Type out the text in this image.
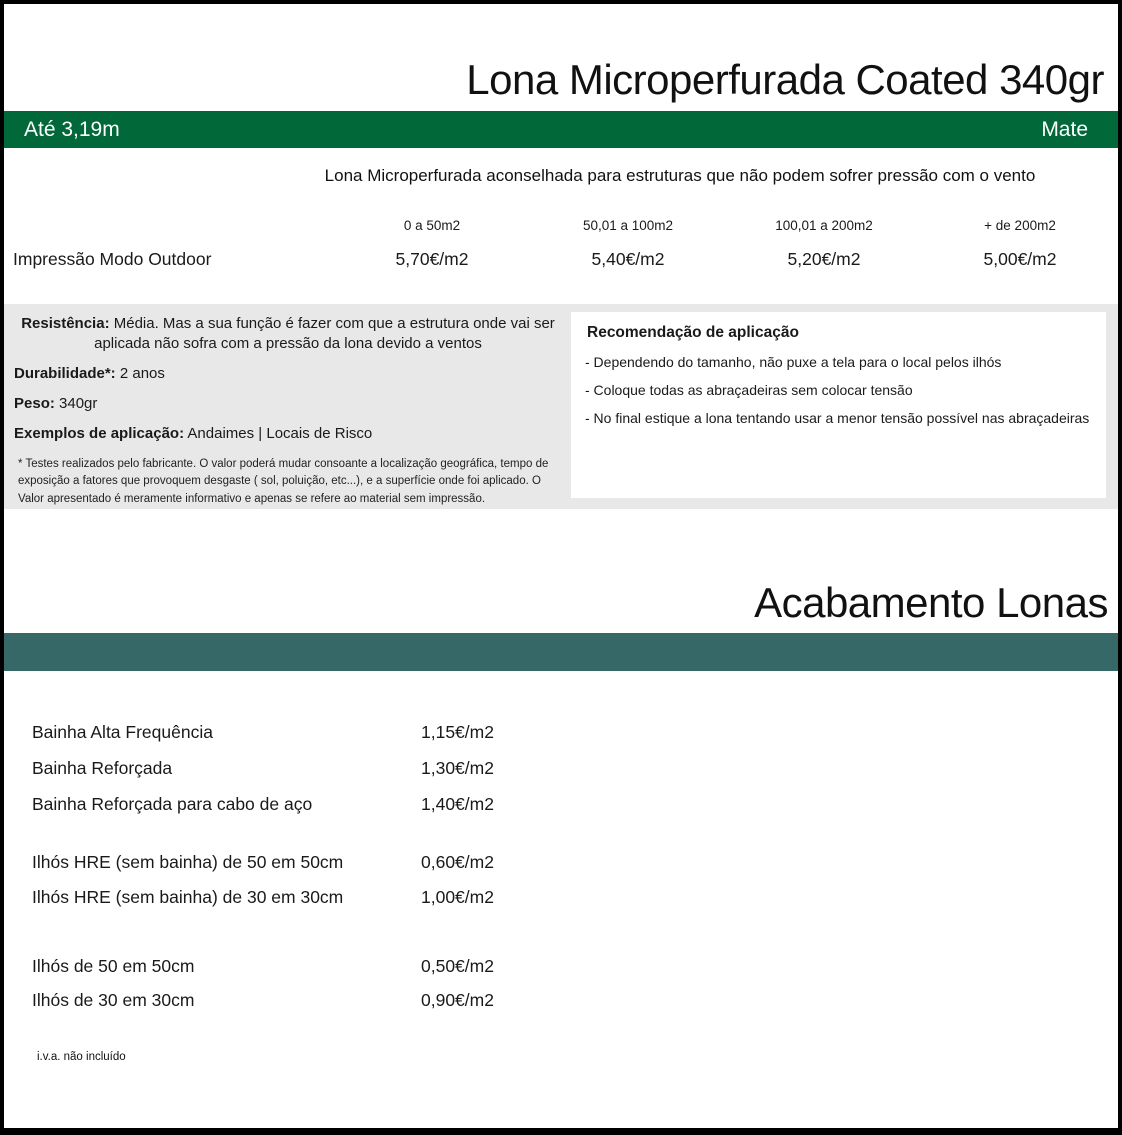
Lona Microperfurada Coated 340gr
Até 3,19m	Mate
Lona Microperfurada aconselhada para estruturas que não podem sofrer pressão com o vento
0 a 50m2	50,01 a 100m2	100,01 a 200m2	+ de 200m2
Impressão Modo Outdoor	5,70€/m2	5,40€/m2	5,20€/m2	5,00€/m2

Resistência: Média. Mas a sua função é fazer com que a estrutura onde vai ser aplicada não sofra com a pressão da lona devido a ventos

Durabilidade*: 2 anos

Peso: 340gr

Exemplos de aplicação: Andaimes | Locais de Risco

* Testes realizados pelo fabricante. O valor poderá mudar consoante a localização geográfica, tempo de exposição a fatores que provoquem desgaste ( sol, poluição, etc...), e a superfície onde foi aplicado. O Valor apresentado é meramente informativo e apenas se refere ao material sem impressão.

Recomendação de aplicação

- Dependendo do tamanho, não puxe a tela para o local pelos ilhós
- Coloque todas as abraçadeiras sem colocar tensão
- No final estique a lona tentando usar a menor tensão possível nas abraçadeiras
Acabamento Lonas
Bainha Alta Frequência	1,15€/m2
Bainha Reforçada	1,30€/m2
Bainha Reforçada para cabo de aço	1,40€/m2
Ilhós HRE (sem bainha) de 50 em 50cm	0,60€/m2
Ilhós HRE (sem bainha) de 30 em 30cm	1,00€/m2
Ilhós de 50 em 50cm	0,50€/m2
Ilhós de 30 em 30cm	0,90€/m2
i.v.a. não incluído
